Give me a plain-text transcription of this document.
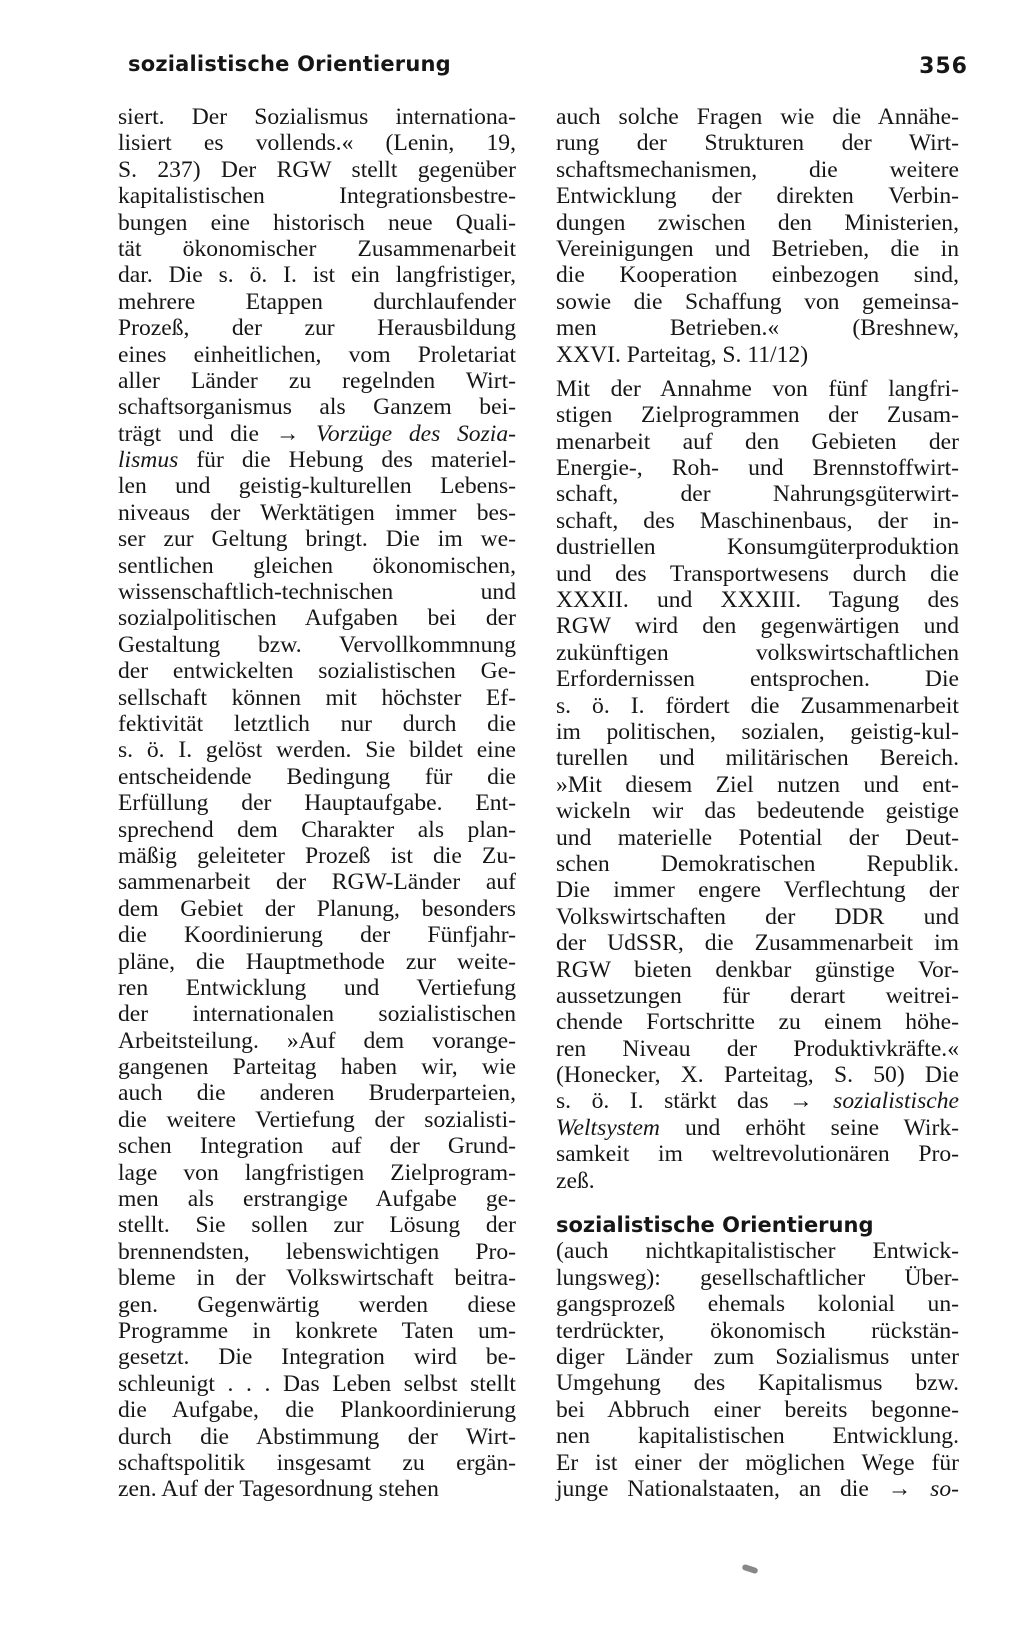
sozialistische Orientierung	356
siert. Der Sozialismus internationa-
lisiert es vollends.« (Lenin, 19,
S. 237) Der RGW stellt gegenüber
kapitalistischen Integrationsbestre-
bungen eine historisch neue Quali-
tät ökonomischer Zusammenarbeit
dar. Die s. ö. I. ist ein langfristiger,
mehrere Etappen durchlaufender
Prozeß, der zur Herausbildung
eines einheitlichen, vom Proletariat
aller Länder zu regelnden Wirt-
schaftsorganismus als Ganzem bei-
trägt und die → Vorzüge des Sozia-
lismus für die Hebung des materiel-
len und geistig-kulturellen Lebens-
niveaus der Werktätigen immer bes-
ser zur Geltung bringt. Die im we-
sentlichen gleichen ökonomischen,
wissenschaftlich-technischen und
sozialpolitischen Aufgaben bei der
Gestaltung bzw. Vervollkommnung
der entwickelten sozialistischen Ge-
sellschaft können mit höchster Ef-
fektivität letztlich nur durch die
s. ö. I. gelöst werden. Sie bildet eine
entscheidende Bedingung für die
Erfüllung der Hauptaufgabe. Ent-
sprechend dem Charakter als plan-
mäßig geleiteter Prozeß ist die Zu-
sammenarbeit der RGW-Länder auf
dem Gebiet der Planung, besonders
die Koordinierung der Fünfjahr-
pläne, die Hauptmethode zur weite-
ren Entwicklung und Vertiefung
der internationalen sozialistischen
Arbeitsteilung. »Auf dem vorange-
gangenen Parteitag haben wir, wie
auch die anderen Bruderparteien,
die weitere Vertiefung der sozialisti-
schen Integration auf der Grund-
lage von langfristigen Zielprogram-
men als erstrangige Aufgabe ge-
stellt. Sie sollen zur Lösung der
brennendsten, lebenswichtigen Pro-
bleme in der Volkswirtschaft beitra-
gen. Gegenwärtig werden diese
Programme in konkrete Taten um-
gesetzt. Die Integration wird be-
schleunigt . . . Das Leben selbst stellt
die Aufgabe, die Plankoordinierung
durch die Abstimmung der Wirt-
schaftspolitik insgesamt zu ergän-
zen. Auf der Tagesordnung stehen
auch solche Fragen wie die Annähe-
rung der Strukturen der Wirt-
schaftsmechanismen, die weitere
Entwicklung der direkten Verbin-
dungen zwischen den Ministerien,
Vereinigungen und Betrieben, die in
die Kooperation einbezogen sind,
sowie die Schaffung von gemeinsa-
men Betrieben.« (Breshnew,
XXVI. Parteitag, S. 11/12)
Mit der Annahme von fünf langfri-
stigen Zielprogrammen der Zusam-
menarbeit auf den Gebieten der
Energie-, Roh- und Brennstoffwirt-
schaft, der Nahrungsgüterwirt-
schaft, des Maschinenbaus, der in-
dustriellen Konsumgüterproduktion
und des Transportwesens durch die
XXXII. und XXXIII. Tagung des
RGW wird den gegenwärtigen und
zukünftigen volkswirtschaftlichen
Erfordernissen entsprochen. Die
s. ö. I. fördert die Zusammenarbeit
im politischen, sozialen, geistig-kul-
turellen und militärischen Bereich.
»Mit diesem Ziel nutzen und ent-
wickeln wir das bedeutende geistige
und materielle Potential der Deut-
schen Demokratischen Republik.
Die immer engere Verflechtung der
Volkswirtschaften der DDR und
der UdSSR, die Zusammenarbeit im
RGW bieten denkbar günstige Vor-
aussetzungen für derart weitrei-
chende Fortschritte zu einem höhe-
ren Niveau der Produktivkräfte.«
(Honecker, X. Parteitag, S. 50) Die
s. ö. I. stärkt das → sozialistische
Weltsystem und erhöht seine Wirk-
samkeit im weltrevolutionären Pro-
zeß.
sozialistische Orientierung
(auch nichtkapitalistischer Entwick-
lungsweg): gesellschaftlicher Über-
gangsprozeß ehemals kolonial un-
terdrückter, ökonomisch rückstän-
diger Länder zum Sozialismus unter
Umgehung des Kapitalismus bzw.
bei Abbruch einer bereits begonne-
nen kapitalistischen Entwicklung.
Er ist einer der möglichen Wege für
junge Nationalstaaten, an die → so-
